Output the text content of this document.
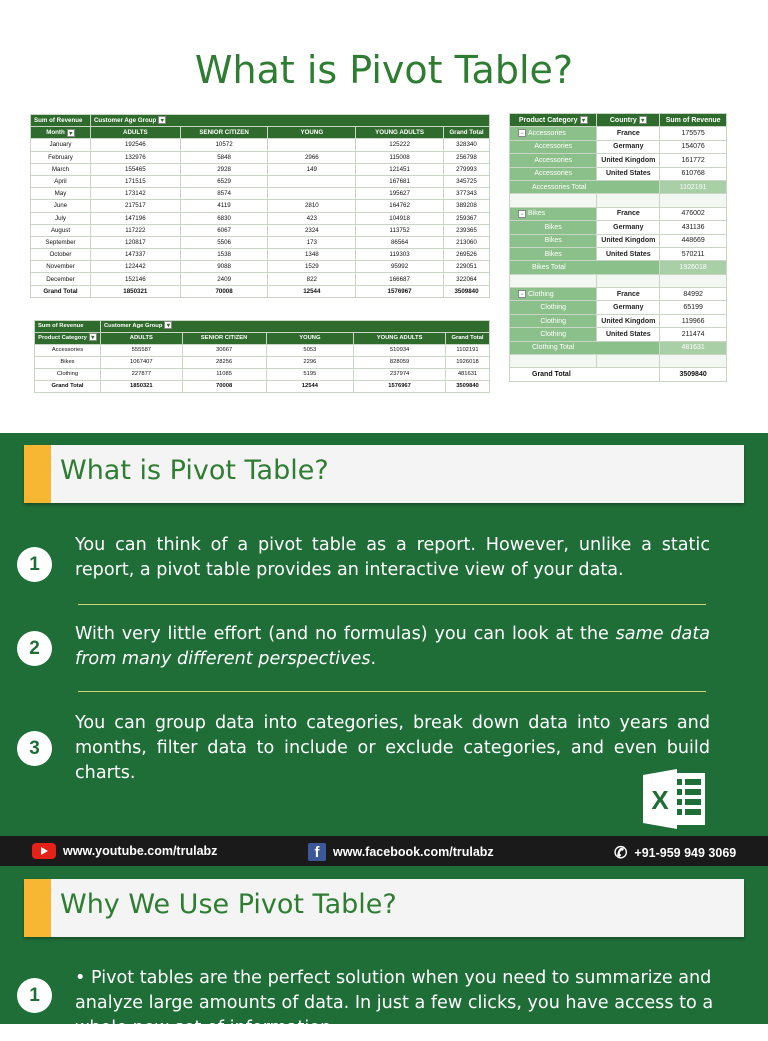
What is Pivot Table?
Sum of Revenue	Customer Age Group ▾				
Month ▾	ADULTS	SENIOR CITIZEN	YOUNG	YOUNG ADULTS	Grand Total
January	192546	10572		125222	328340
February	132976	5848	2966	115008	256798
March	155465	2928	149	121451	279993
April	171515	6529		167681	345725
May	173142	8574		195627	377343
June	217517	4119	2810	164762	389208
July	147196	6830	423	104918	259367
August	117222	6067	2324	113752	239365
September	120817	5506	173	86564	213060
October	147337	1538	1348	119303	269526
November	122442	9088	1529	95992	229051
December	152146	2409	822	166687	322064
Grand Total	1850321	70008	12544	1576967	3509840
Sum of Revenue	Customer Age Group ▾				
Product Category ▾	ADULTS	SENIOR CITIZEN	YOUNG	YOUNG ADULTS	Grand Total
Accessories	555587	30667	5053	510934	1102191
Bikes	1067407	28256	2296	828059	1926018
Clothing	227877	11085	5195	237974	481631
Grand Total	1850321	70008	12544	1576967	3509840
Product Category ▾	Country ▾	Sum of Revenue
− Accessories	France	175575
Accessories	Germany	154076
Accessories	United Kingdom	161772
Accessories	United States	610768
Accessories Total		1102191

− Bikes	France	476002
Bikes	Germany	431136
Bikes	United Kingdom	448669
Bikes	United States	570211
Bikes Total		1926018

− Clothing	France	84992
Clothing	Germany	65199
Clothing	United Kingdom	119966
Clothing	United States	211474
Clothing Total		481631

Grand Total		3509840
What is Pivot Table?
1
You can think of a pivot table as a report. However, unlike a static report, a pivot table provides an interactive view of your data.
2
With very little effort (and no formulas) you can look at the same data from many different perspectives.
3
You can group data into categories, break down data into years and months, filter data to include or exclude categories, and even build charts.
X
www.youtube.com/trulabz	f	www.facebook.com/trulabz	✆ +91-959 949 3069
Why We Use Pivot Table?
1
• Pivot tables are the perfect solution when you need to summarize and analyze large amounts of data. In just a few clicks, you have access to a whole new set of information.
